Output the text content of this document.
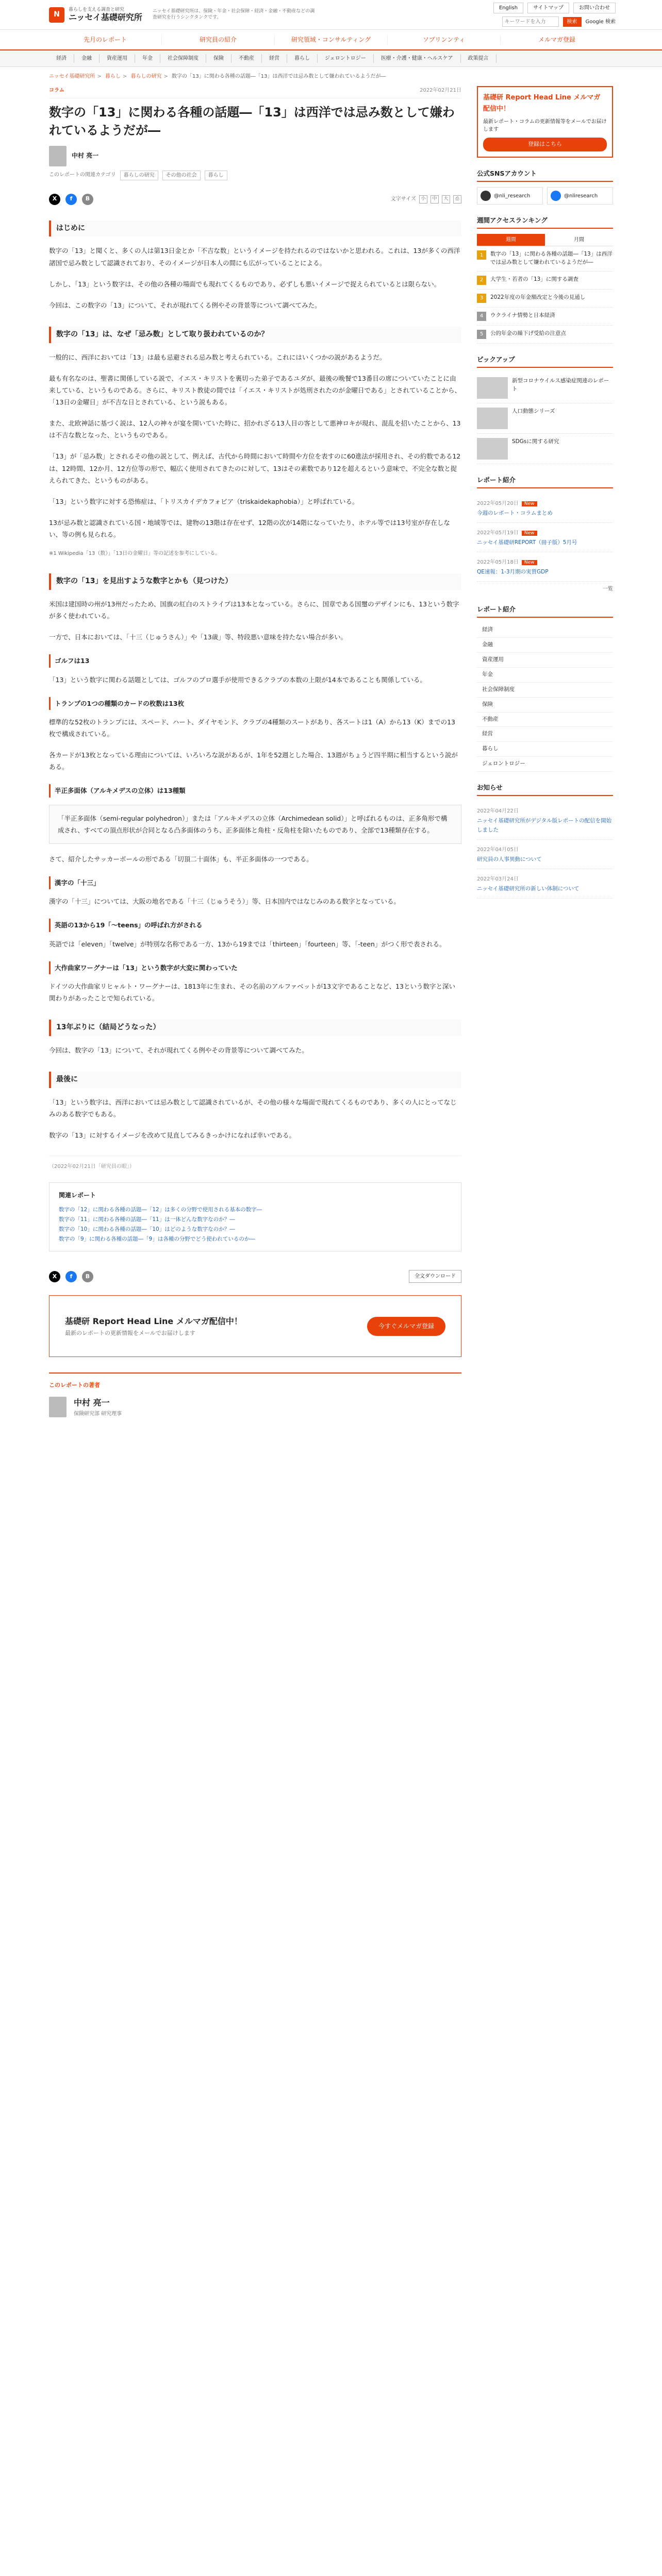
N
暮らしを支える調査と研究
ニッセイ基礎研究所
ニッセイ基礎研究所は、保険・年金・社会保障・経済・金融・不動産などの調査研究を行うシンクタンクです。
English	サイトマップ	お問い合わせ
キーワードを入力
検索	Google 検索
先月のレポート	研究員の紹介	研究領域・コンサルティング	ソブリンンティ	メルマガ登録
経済	金融	資産運用	年金	社会保障制度	保険	不動産	経営	暮らし	ジェロントロジー	医療・介護・健康・ヘルスケア	政策提言
ニッセイ基礎研究所 > 暮らし > 暮らしの研究 > 数字の「13」に関わる各種の話題―「13」は西洋では忌み数として嫌われているようだが―
コラム	2022年02月21日
数字の「13」に関わる各種の話題―「13」は西洋では忌み数として嫌われているようだが―
中村 亮一
このレポートの関連カテゴリ	暮らしの研究	その他の社会	暮らし
X	f	B	文字サイズ	小	中	大	⎙
はじめに

数字の「13」と聞くと、多くの人は第13日金とか「不吉な数」というイメージを持たれるのではないかと思われる。これは、13が多くの西洋諸国で忌み数として認識されており、そのイメージが日本人の間にも広がっていることによる。

しかし、「13」という数字は、その他の各種の場面でも現れてくるものであり、必ずしも悪いイメージで捉えられているとは限らない。

今回は、この数字の「13」について、それが現れてくる例やその背景等について調べてみた。

数字の「13」は、なぜ「忌み数」として取り扱われているのか？

一般的に、西洋においては「13」は最も忌避される忌み数と考えられている。これにはいくつかの説があるようだ。

最も有名なのは、聖書に関係している説で、イエス・キリストを裏切った弟子であるユダが、最後の晩餐で13番目の席についていたことに由来している、というものである。さらに、キリスト教徒の間では「イエス・キリストが処刑されたのが金曜日である」とされていることから、「13日の金曜日」が不吉な日とされている、という説もある。

また、北欧神話に基づく説は、12人の神々が宴を開いていた時に、招かれざる13人目の客として悪神ロキが現れ、混乱を招いたことから、13は不吉な数となった、というものである。

「13」が「忌み数」とされるその他の説として、例えば、古代から時間において時間や方位を表すのに60進法が採用され、その約数である12は、12時間、12か月、12方位等の形で、幅広く使用されてきたのに対して、13はその素数であり12を超えるという意味で、不完全な数と捉えられてきた、というものがある。

「13」という数字に対する恐怖症は、「トリスカイデカフォビア（triskaidekaphobia）」と呼ばれている。

13が忌み数と認識されている国・地域等では、建物の13階は存在せず、12階の次が14階になっていたり、ホテル等では13号室が存在しない、等の例も見られる。

※1 Wikipedia「13（数）」「13日の金曜日」等の記述を参考にしている。

数字の「13」を見出すような数字とかも（見つけた）

米国は建国時の州が13州だったため、国旗の紅白のストライプは13本となっている。さらに、国章である国璽のデザインにも、13という数字が多く使われている。

一方で、日本においては、「十三（じゅうさん）」や「13歳」等、特段悪い意味を持たない場合が多い。

ゴルフは13

「13」という数字に関わる話題としては、ゴルフのプロ選手が使用できるクラブの本数の上限が14本であることも関係している。

トランプの1つの種類のカードの枚数は13枚

標準的な52枚のトランプには、スペード、ハート、ダイヤモンド、クラブの4種類のスートがあり、各スートは1（A）から13（K）までの13枚で構成されている。

各カードが13枚となっている理由については、いろいろな説があるが、1年を52週とした場合、13週がちょうど四半期に相当するという説がある。

半正多面体（アルキメデスの立体）は13種類
「半正多面体（semi-regular polyhedron）」または「アルキメデスの立体（Archimedean solid）」と呼ばれるものは、正多角形で構成され、すべての頂点形状が合同となる凸多面体のうち、正多面体と角柱・反角柱を除いたものであり、全部で13種類存在する。

さて、紹介したサッカーボールの形である「切頂二十面体」も、半正多面体の一つである。

漢字の「十三」

漢字の「十三」については、大阪の地名である「十三（じゅうそう）」等、日本国内ではなじみのある数字となっている。

英語の13から19「～teens」の呼ばれ方がされる

英語では「eleven」「twelve」が特別な名称である一方、13から19までは「thirteen」「fourteen」等、「-teen」がつく形で表される。

大作曲家ワーグナーは「13」という数字が大変に関わっていた

ドイツの大作曲家リヒャルト・ワーグナーは、1813年に生まれ、その名前のアルファベットが13文字であることなど、13という数字と深い関わりがあったことで知られている。

13年ぶりに（結局どうなった）

今回は、数字の「13」について、それが現れてくる例やその背景等について調べてみた。

最後に

「13」という数字は、西洋においては忌み数として認識されているが、その他の様々な場面で現れてくるものであり、多くの人にとってなじみのある数字でもある。

数字の「13」に対するイメージを改めて見直してみるきっかけになれば幸いである。

（2022年02月21日「研究員の眼」）
関連レポート
数字の「12」に関わる各種の話題―「12」は多くの分野で使用される基本の数字―
数字の「11」に関わる各種の話題―「11」は一体どんな数字なのか？―
数字の「10」に関わる各種の話題―「10」はどのような数字なのか？―
数字の「9」に関わる各種の話題―「9」は各種の分野でどう使われているのか―
X	f	B	全文ダウンロード
基礎研 Report Head Line メルマガ配信中！
最新のレポートの更新情報をメールでお届けします
今すぐメルマガ登録
このレポートの著者
中村 亮一
保険研究部 研究理事
基礎研 Report Head Line メルマガ配信中！
最新レポート・コラムの更新情報等をメールでお届けします
登録はこちら
公式SNSアカウント
@nli_research	@nliresearch
週間アクセスランキング
週間	月間
1	数字の「13」に関わる各種の話題―「13」は西洋では忌み数として嫌われているようだが―
2	大学生・若者の「13」に関する調査
3	2022年度の年金額改定と今後の見通し
4	ウクライナ情勢と日本経済
5	公的年金の繰下げ受給の注意点
ピックアップ
新型コロナウイルス感染症関連のレポート
人口動態シリーズ
SDGsに関する研究
レポート紹介
2022年05月20日 New
今週のレポート・コラムまとめ
2022年05月19日 New
ニッセイ基礎研REPORT（冊子版）5月号
2022年05月18日 New
QE速報：1-3月期の実質GDP
一覧
レポート紹介
経済
金融
資産運用
年金
社会保障制度
保険
不動産
経営
暮らし
ジェロントロジー
お知らせ
2022年04月22日
ニッセイ基礎研究所がデジタル版レポートの配信を開始しました
2022年04月05日
研究員の人事異動について
2022年03月24日
ニッセイ基礎研究所の新しい体制について
